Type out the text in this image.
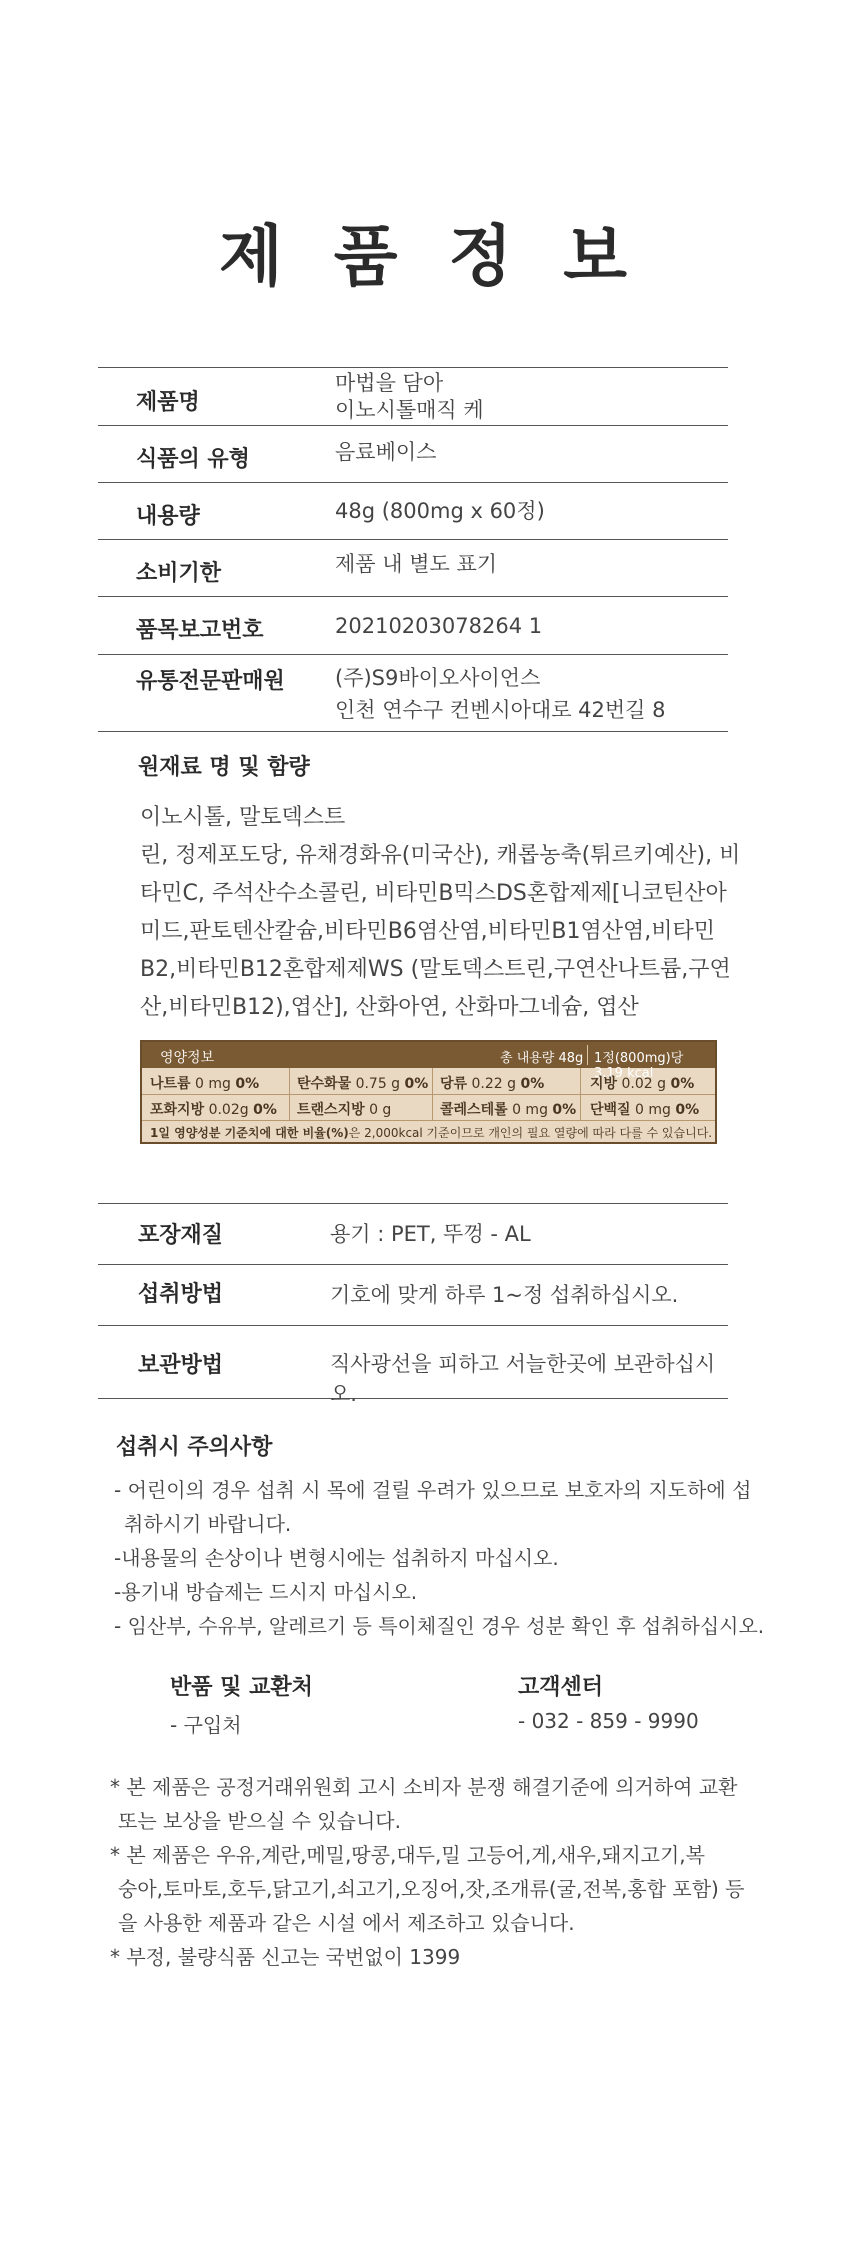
제 품 정 보
제품명
마법을 담아
이노시톨매직 케
식품의 유형	음료베이스
내용량	48g (800mg x 60정)
소비기한	제품 내 별도 표기
품목보고번호	20210203078264 1
유통전문판매원 (주)S9바이오사이언스
인천 연수구 컨벤시아대로 42번길 8
원재료 명 및 함량
이노시톨, 말토덱스트
린, 정제포도당, 유채경화유(미국산), 캐롭농축(튀르키예산), 비
타민C, 주석산수소콜린, 비타민B믹스DS혼합제제[니코틴산아
미드,판토텐산칼슘,비타민B6염산염,비타민B1염산염,비타민
B2,비타민B12혼합제제WS (말토덱스트린,구연산나트륨,구연
산,비타민B12),엽산], 산화아연, 산화마그네슘, 엽산
영양정보	총 내용량 48g 1정(800mg)당 3.19 kcal
나트륨 0 mg 0%	탄수화물 0.75 g 0% 당류 0.22 g 0%	지방 0.02 g 0%
포화지방 0.02g 0% 트랜스지방 0 g	콜레스테롤 0 mg 0% 단백질 0 mg 0%
1일 영양성분 기준치에 대한 비율(%)은 2,000kcal 기준이므로 개인의 필요 열량에 따라 다를 수 있습니다.
포장재질	용기 : PET, 뚜껑 - AL
섭취방법	기호에 맞게 하루 1~정 섭취하십시오.
보관방법	직사광선을 피하고 서늘한곳에 보관하십시오.
섭취시 주의사항
- 어린이의 경우 섭취 시 목에 걸릴 우려가 있으므로 보호자의 지도하에 섭
취하시기 바랍니다.
-내용물의 손상이나 변형시에는 섭취하지 마십시오.
-용기내 방습제는 드시지 마십시오.
- 임산부, 수유부, 알레르기 등 특이체질인 경우 성분 확인 후 섭취하십시오.
반품 및 교환처
- 구입처
고객센터
- 032 - 859 - 9990
* 본 제품은 공정거래위원회 고시 소비자 분쟁 해결기준에 의거하여 교환
또는 보상을 받으실 수 있습니다.
* 본 제품은 우유,계란,메밀,땅콩,대두,밀 고등어,게,새우,돼지고기,복
숭아,토마토,호두,닭고기,쇠고기,오징어,잣,조개류(굴,전복,홍합 포함) 등
을 사용한 제품과 같은 시설 에서 제조하고 있습니다.
* 부정, 불량식품 신고는 국번없이 1399
